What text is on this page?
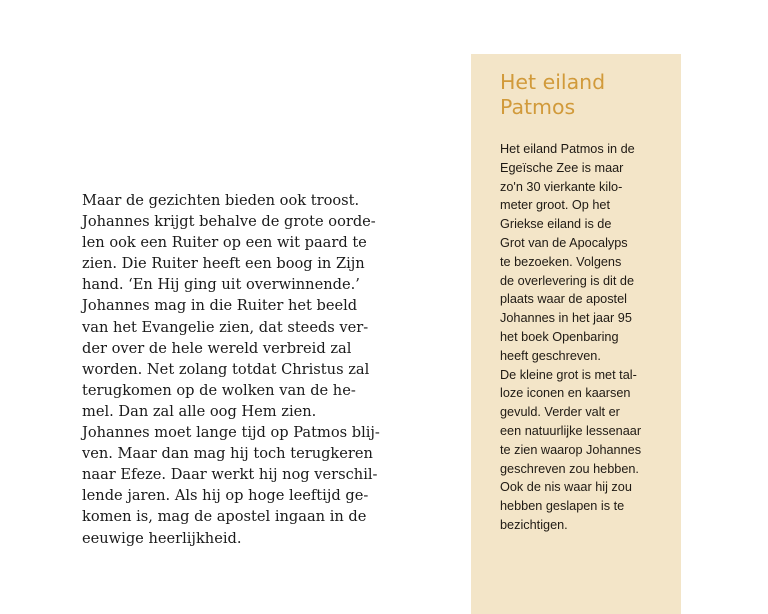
Maar de gezichten bieden ook troost.
Johannes krijgt behalve de grote oorde-
len ook een Ruiter op een wit paard te
zien. Die Ruiter heeft een boog in Zijn
hand. ‘En Hij ging uit overwinnende.’
Johannes mag in die Ruiter het beeld
van het Evangelie zien, dat steeds ver-
der over de hele wereld verbreid zal
worden. Net zolang totdat Christus zal
terugkomen op de wolken van de he-
mel. Dan zal alle oog Hem zien.
Johannes moet lange tijd op Patmos blij-
ven. Maar dan mag hij toch terugkeren
naar Efeze. Daar werkt hij nog verschil-
lende jaren. Als hij op hoge leeftijd ge-
komen is, mag de apostel ingaan in de
eeuwige heerlijkheid.

Het eiland
Patmos

Het eiland Patmos in de
Egeïsche Zee is maar
zo'n 30 vierkante kilo-
meter groot. Op het
Griekse eiland is de
Grot van de Apocalyps
te bezoeken. Volgens
de overlevering is dit de
plaats waar de apostel
Johannes in het jaar 95
het boek Openbaring
heeft geschreven.
De kleine grot is met tal-
loze iconen en kaarsen
gevuld. Verder valt er
een natuurlijke lessenaar
te zien waarop Johannes
geschreven zou hebben.
Ook de nis waar hij zou
hebben geslapen is te
bezichtigen.
